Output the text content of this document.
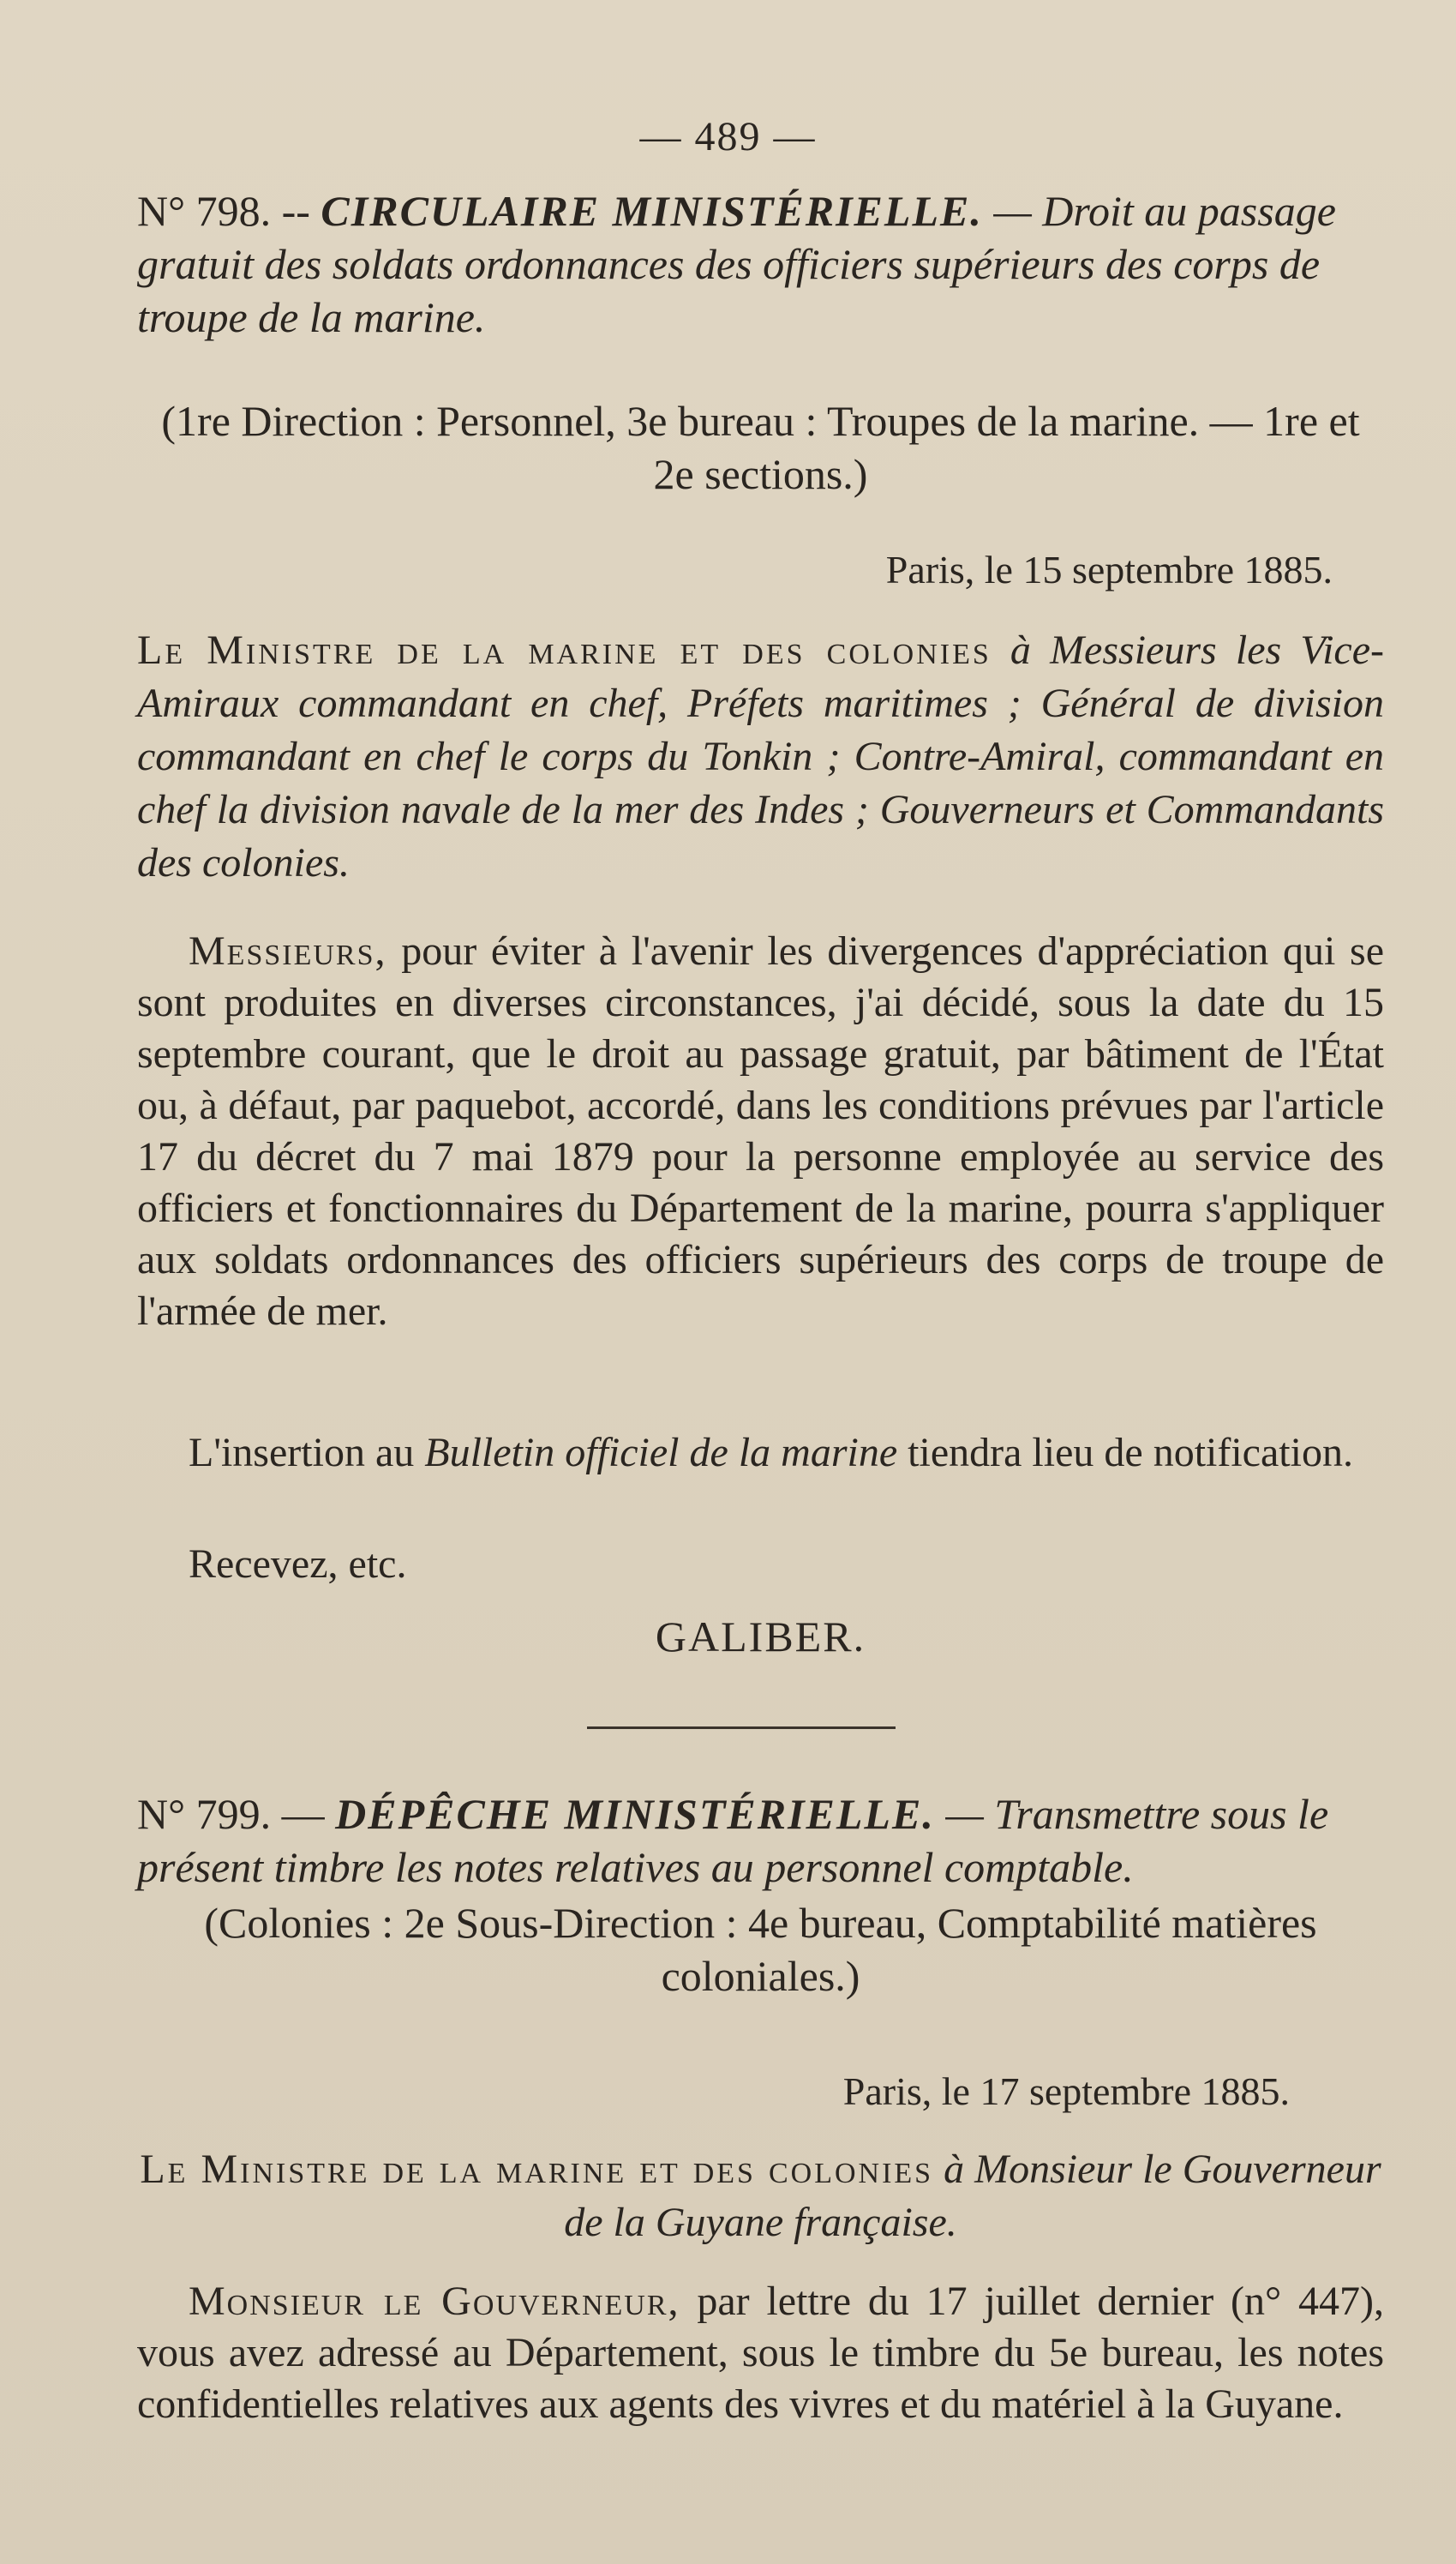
— 489 —
N° 798. -- CIRCULAIRE MINISTÉRIELLE. — Droit au passage gratuit des soldats ordonnances des officiers supérieurs des corps de troupe de la marine.
(1re Direction : Personnel, 3e bureau : Troupes de la marine. — 1re et 2e sections.)
Paris, le 15 septembre 1885.
Le Ministre de la marine et des colonies à Messieurs les Vice-Amiraux commandant en chef, Préfets maritimes ; Général de division commandant en chef le corps du Tonkin ; Contre-Amiral, commandant en chef la division navale de la mer des Indes ; Gouverneurs et Commandants des colonies.
Messieurs, pour éviter à l'avenir les divergences d'appréciation qui se sont produites en diverses circonstances, j'ai décidé, sous la date du 15 septembre courant, que le droit au passage gratuit, par bâtiment de l'État ou, à défaut, par paquebot, accordé, dans les conditions prévues par l'article 17 du décret du 7 mai 1879 pour la personne employée au service des officiers et fonctionnaires du Département de la marine, pourra s'appliquer aux soldats ordonnances des officiers supérieurs des corps de troupe de l'armée de mer.
L'insertion au Bulletin officiel de la marine tiendra lieu de notification.
Recevez, etc.
GALIBER.
N° 799. — DÉPÊCHE MINISTÉRIELLE. — Transmettre sous le présent timbre les notes relatives au personnel comptable.
(Colonies : 2e Sous-Direction : 4e bureau, Comptabilité matières coloniales.)
Paris, le 17 septembre 1885.
Le Ministre de la marine et des colonies à Monsieur le Gouverneur de la Guyane française.
Monsieur le Gouverneur, par lettre du 17 juillet dernier (n° 447), vous avez adressé au Département, sous le timbre du 5e bureau, les notes confidentielles relatives aux agents des vivres et du matériel à la Guyane.
